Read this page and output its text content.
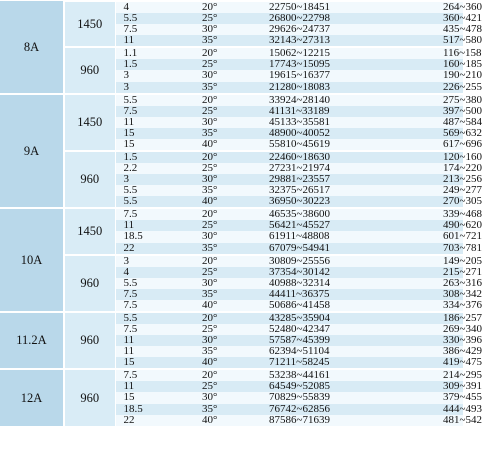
8A	1450	4	20°	22750~18451	264~360	
		5.5	25°	26800~22798	360~421	
		7.5	30°	29626~24737	435~478	
		11	35°	32143~27313	517~580	
	960	1.1	20°	15062~12215	116~158	
		1.5	25°	17743~15095	160~185	
		3	30°	19615~16377	190~210	
		3	35°	21280~18083	226~255	
9A	1450	5.5	20°	33924~28140	275~380	
		7.5	25°	41131~33189	397~500	
		11	30°	45133~35581	487~584	
		15	35°	48900~40052	569~632	
		15	40°	55810~45619	617~696	
	960	1.5	20°	22460~18630	120~160	
		2.2	25°	27231~21974	174~220	
		3	30°	29881~23557	213~256	
		5.5	35°	32375~26517	249~277	
		5.5	40°	36950~30223	270~305	
10A	1450	7.5	20°	46535~38600	339~468	
		11	25°	56421~45527	490~620	
		18.5	30°	61911~48808	601~721	
		22	35°	67079~54941	703~781	
	960	3	20°	30809~25556	149~205	
		4	25°	37354~30142	215~271	
		5.5	30°	40988~32314	263~316	
		7.5	35°	44411~36375	308~342	
		7.5	40°	50686~41458	334~376	
11.2A	960	5.5	20°	43285~35904	186~257	
		7.5	25°	52480~42347	269~340	
		11	30°	57587~45399	330~396	
		11	35°	62394~51104	386~429	
		15	40°	71211~58245	419~475	
12A	960	7.5	20°	53238~44161	214~295	
		11	25°	64549~52085	309~391	
		15	30°	70829~55839	379~455	
		18.5	35°	76742~62856	444~493	
		22	40°	87586~71639	481~542	
